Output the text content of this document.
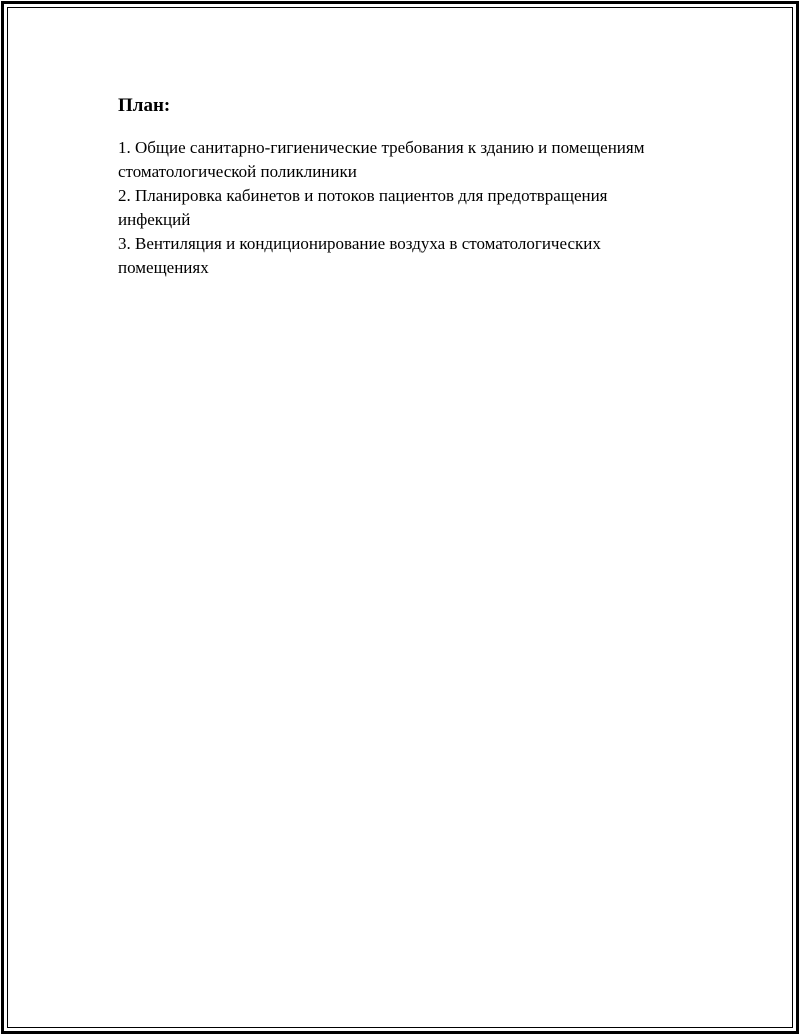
План:
1. Общие санитарно-гигиенические требования к зданию и помещениям стоматологической поликлиники
2. Планировка кабинетов и потоков пациентов для предотвращения инфекций
3. Вентиляция и кондиционирование воздуха в стоматологических помещениях
